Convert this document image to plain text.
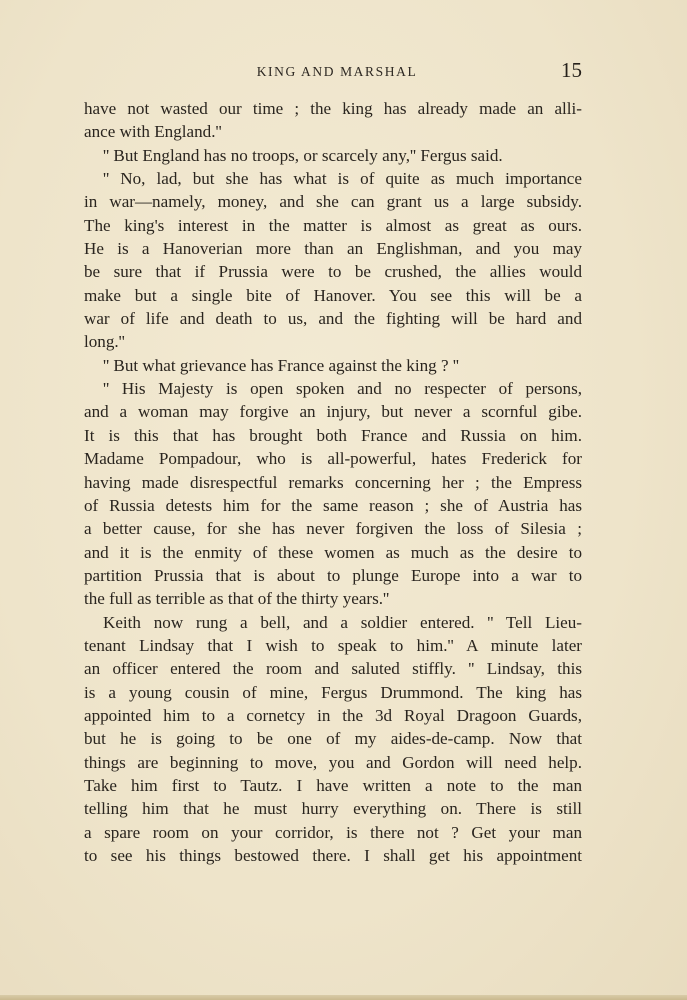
KING AND MARSHAL	15
have not wasted our time ; the king has already made an alli-
ance with England.''
'' But England has no troops, or scarcely any,'' Fergus said.
'' No, lad, but she has what is of quite as much importance
in war—namely, money, and she can grant us a large subsidy.
The king's interest in the matter is almost as great as ours.
He is a Hanoverian more than an Englishman, and you may
be sure that if Prussia were to be crushed, the allies would
make but a single bite of Hanover. You see this will be a
war of life and death to us, and the fighting will be hard and
long.''
'' But what grievance has France against the king ? ''
'' His Majesty is open spoken and no respecter of persons,
and a woman may forgive an injury, but never a scornful gibe.
It is this that has brought both France and Russia on him.
Madame Pompadour, who is all-powerful, hates Frederick for
having made disrespectful remarks concerning her ; the Empress
of Russia detests him for the same reason ; she of Austria has
a better cause, for she has never forgiven the loss of Silesia ;
and it is the enmity of these women as much as the desire to
partition Prussia that is about to plunge Europe into a war to
the full as terrible as that of the thirty years.''
Keith now rung a bell, and a soldier entered. '' Tell Lieu-
tenant Lindsay that I wish to speak to him.'' A minute later
an officer entered the room and saluted stiffly. '' Lindsay, this
is a young cousin of mine, Fergus Drummond. The king has
appointed him to a cornetcy in the 3d Royal Dragoon Guards,
but he is going to be one of my aides-de-camp. Now that
things are beginning to move, you and Gordon will need help.
Take him first to Tautz. I have written a note to the man
telling him that he must hurry everything on. There is still
a spare room on your corridor, is there not ? Get your man
to see his things bestowed there. I shall get his appointment
